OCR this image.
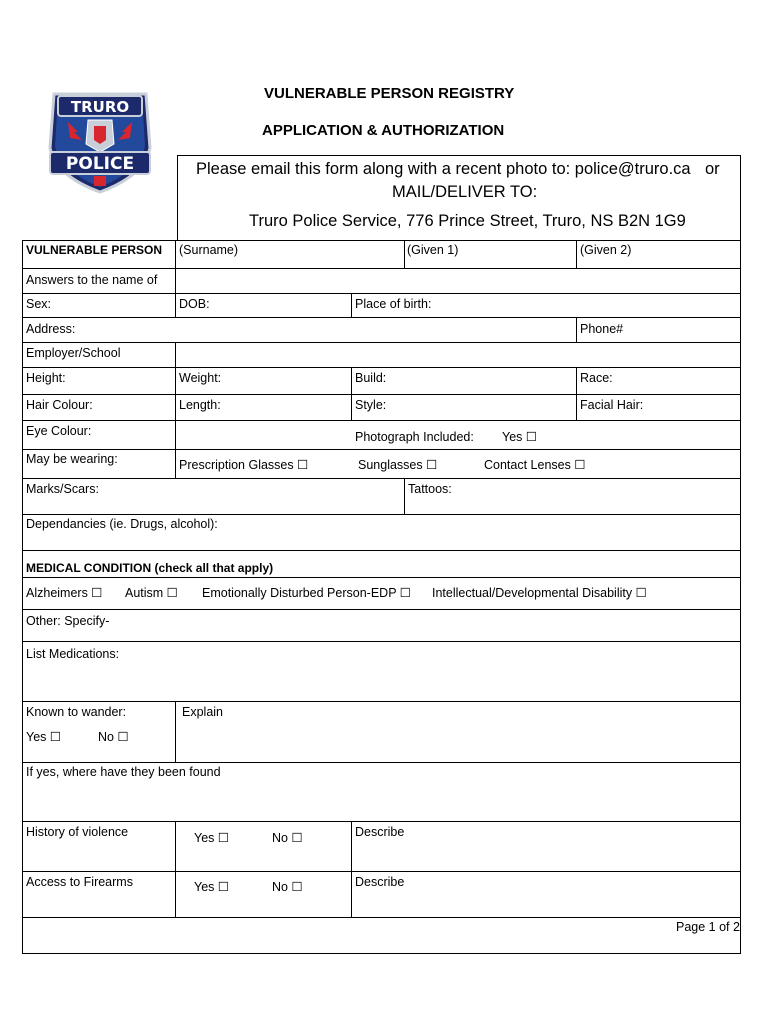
TRURO
POLICE
VULNERABLE PERSON REGISTRY
APPLICATION & AUTHORIZATION
Please email this form along with a recent photo to: police@truro.ca or
MAIL/DELIVER TO:
Truro Police Service, 776 Prince Street, Truro, NS B2N 1G9
VULNERABLE PERSON (Surname)	(Given 1)	(Given 2)
Answers to the name of
Sex:	DOB:	Place of birth:
Address:	Phone#
Employer/School
Height:	Weight:	Build:	Race:
Hair Colour:	Length:	Style:	Facial Hair:
Eye Colour:	Photograph Included: Yes ☐
May be wearing:	Prescription Glasses ☐	Sunglasses ☐	Contact Lenses ☐
Marks/Scars:	Tattoos:
Dependancies (ie. Drugs, alcohol):
MEDICAL CONDITION (check all that apply)
Alzheimers ☐ Autism ☐ Emotionally Disturbed Person-EDP ☐ Intellectual/Developmental Disability ☐
Other: Specify-
List Medications:
Known to wander:	Explain
Yes ☐	No ☐
If yes, where have they been found
History of violence	Yes ☐	No ☐	Describe
Access to Firearms	Yes ☐	No ☐	Describe
Page 1 of 2
